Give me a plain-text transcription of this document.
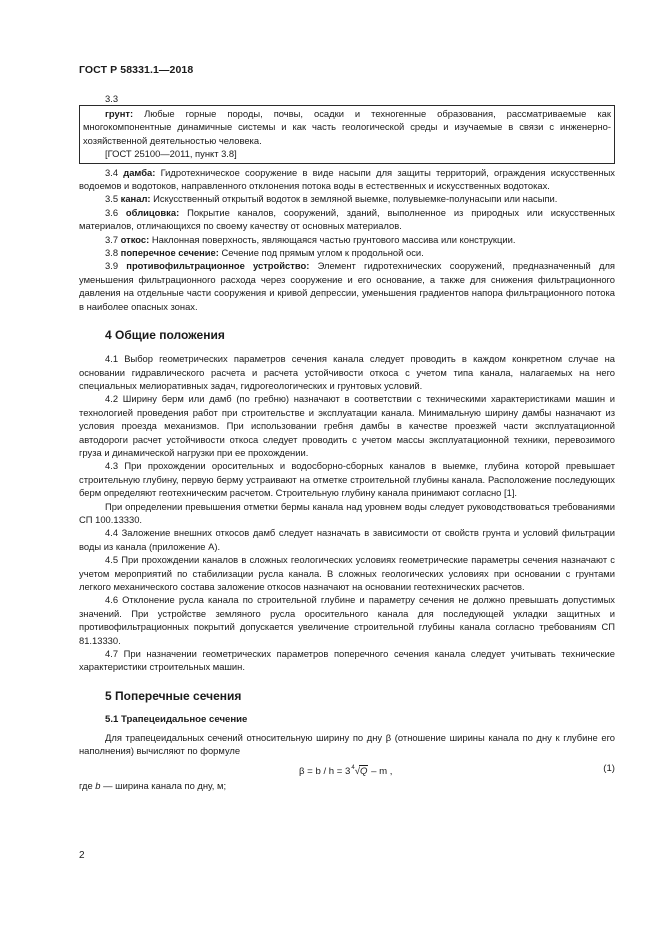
ГОСТ Р 58331.1—2018
3.3

грунт: Любые горные породы, почвы, осадки и техногенные образования, рассматриваемые как многокомпонентные динамичные системы и как часть геологической среды и изучаемые в связи с инженерно-хозяйственной деятельностью человека.

[ГОСТ 25100—2011, пункт 3.8]

3.4 дамба: Гидротехническое сооружение в виде насыпи для защиты территорий, ограждения искусственных водоемов и водотоков, направленного отклонения потока воды в естественных и искусственных водотоках.

3.5 канал: Искусственный открытый водоток в земляной выемке, полувыемке-полунасыпи или насыпи.

3.6 облицовка: Покрытие каналов, сооружений, зданий, выполненное из природных или искусственных материалов, отличающихся по своему качеству от основных материалов.

3.7 откос: Наклонная поверхность, являющаяся частью грунтового массива или конструкции.

3.8 поперечное сечение: Сечение под прямым углом к продольной оси.

3.9 противофильтрационное устройство: Элемент гидротехнических сооружений, предназначенный для уменьшения фильтрационного расхода через сооружение и его основание, а также для снижения фильтрационного давления на отдельные части сооружения и кривой депрессии, уменьшения градиентов напора фильтрационного потока в наиболее опасных зонах.

4 Общие положения

4.1 Выбор геометрических параметров сечения канала следует проводить в каждом конкретном случае на основании гидравлического расчета и расчета устойчивости откоса с учетом типа канала, налагаемых на него специальных мелиоративных задач, гидрогеологических и грунтовых условий.

4.2 Ширину берм или дамб (по гребню) назначают в соответствии с техническими характеристиками машин и технологией проведения работ при строительстве и эксплуатации канала. Минимальную ширину дамбы назначают из условия проезда механизмов. При использовании гребня дамбы в качестве проезжей части эксплуатационной автодороги расчет устойчивости откоса следует проводить с учетом массы эксплуатационной техники, перевозимого груза и динамической нагрузки при ее прохождении.

4.3 При прохождении оросительных и водосборно-сборных каналов в выемке, глубина которой превышает строительную глубину, первую берму устраивают на отметке строительной глубины канала. Расположение последующих берм определяют геотехническим расчетом. Строительную глубину канала принимают согласно [1].

При определении превышения отметки бермы канала над уровнем воды следует руководствоваться требованиями СП 100.13330.

4.4 Заложение внешних откосов дамб следует назначать в зависимости от свойств грунта и условий фильтрации воды из канала (приложение А).

4.5 При прохождении каналов в сложных геологических условиях геометрические параметры сечения назначают с учетом мероприятий по стабилизации русла канала. В сложных геологических условиях при основании с грунтами легкого механического состава заложение откосов назначают на основании геотехнических расчетов.

4.6 Отклонение русла канала по строительной глубине и параметру сечения не должно превышать допустимых значений. При устройстве земляного русла оросительного канала для последующей укладки защитных и противофильтрационных покрытий допускается увеличение строительной глубины канала согласно требованиям СП 81.13330.

4.7 При назначении геометрических параметров поперечного сечения канала следует учитывать технические характеристики строительных машин.

5 Поперечные сечения
5.1 Трапецеидальное сечение

Для трапецеидальных сечений относительную ширину по дну β (отношение ширины канала по дну к глубине его наполнения) вычисляют по формуле

$\beta = b / h = 3^4√Q - m$ ,	(1)

где b — ширина канала по дну, м;

2
